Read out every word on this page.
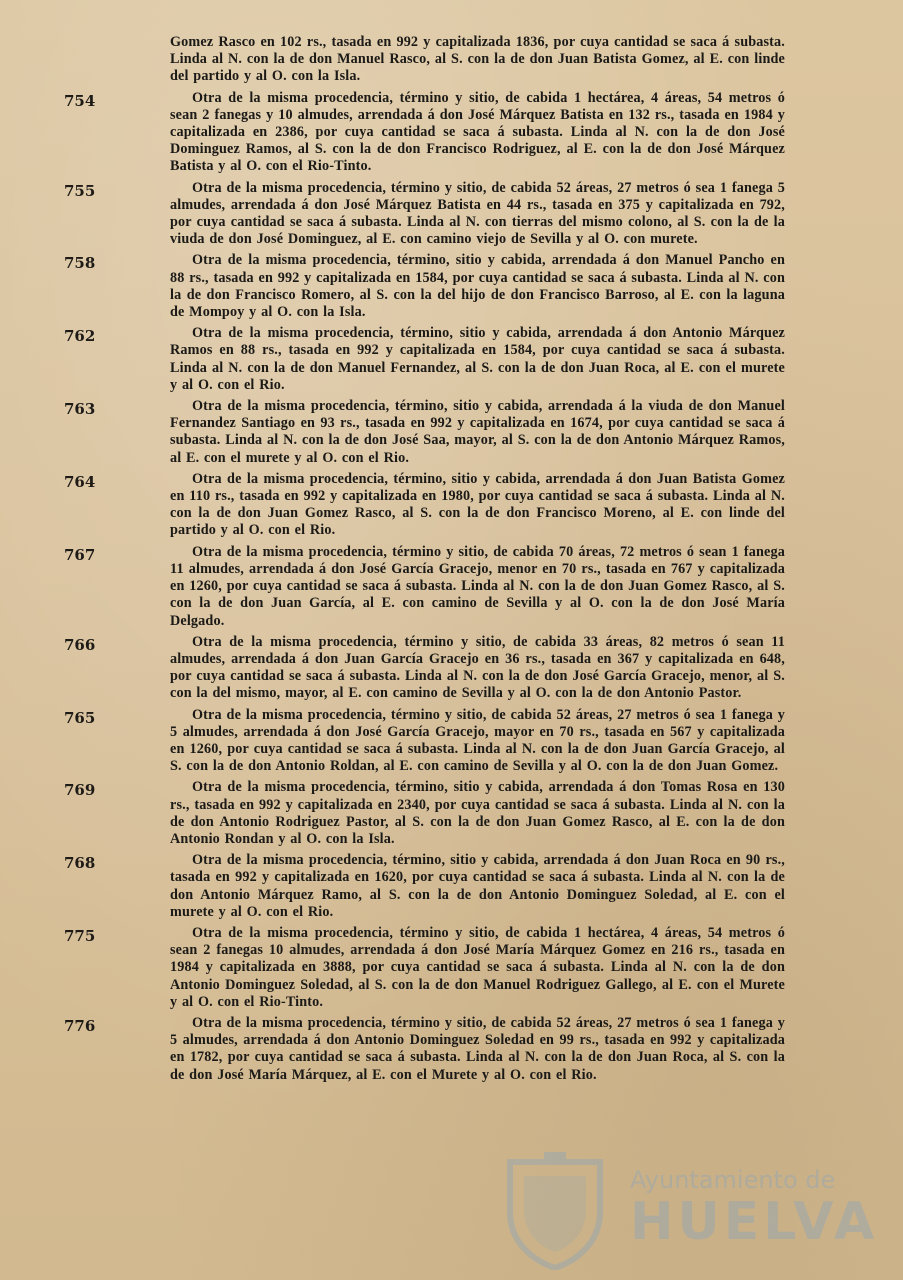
Gomez Rasco en 102 rs., tasada en 992 y capitalizada 1836, por cuya cantidad se saca á subasta. Linda al N. con la de don Manuel Rasco, al S. con la de don Juan Batista Gomez, al E. con linde del partido y al O. con la Isla.
754	Otra de la misma procedencia, término y sitio, de cabida 1 hectárea, 4 áreas, 54 metros ó sean 2 fanegas y 10 almudes, arrendada á don José Márquez Batista en 132 rs., tasada en 1984 y capitalizada en 2386, por cuya cantidad se saca á subasta. Linda al N. con la de don José Dominguez Ramos, al S. con la de don Francisco Rodriguez, al E. con la de don José Márquez Batista y al O. con el Rio-Tinto.
755	Otra de la misma procedencia, término y sitio, de cabida 52 áreas, 27 metros ó sea 1 fanega 5 almudes, arrendada á don José Márquez Batista en 44 rs., tasada en 375 y capitalizada en 792, por cuya cantidad se saca á subasta. Linda al N. con tierras del mismo colono, al S. con la de la viuda de don José Dominguez, al E. con camino viejo de Sevilla y al O. con murete.
758	Otra de la misma procedencia, término, sitio y cabida, arrendada á don Manuel Pancho en 88 rs., tasada en 992 y capitalizada en 1584, por cuya cantidad se saca á subasta. Linda al N. con la de don Francisco Romero, al S. con la del hijo de don Francisco Barroso, al E. con la laguna de Mompoy y al O. con la Isla.
762	Otra de la misma procedencia, término, sitio y cabida, arrendada á don Antonio Márquez Ramos en 88 rs., tasada en 992 y capitalizada en 1584, por cuya cantidad se saca á subasta. Linda al N. con la de don Manuel Fernandez, al S. con la de don Juan Roca, al E. con el murete y al O. con el Rio.
763	Otra de la misma procedencia, término, sitio y cabida, arrendada á la viuda de don Manuel Fernandez Santiago en 93 rs., tasada en 992 y capitalizada en 1674, por cuya cantidad se saca á subasta. Linda al N. con la de don José Saa, mayor, al S. con la de don Antonio Márquez Ramos, al E. con el murete y al O. con el Rio.
764	Otra de la misma procedencia, término, sitio y cabida, arrendada á don Juan Batista Gomez en 110 rs., tasada en 992 y capitalizada en 1980, por cuya cantidad se saca á subasta. Linda al N. con la de don Juan Gomez Rasco, al S. con la de don Francisco Moreno, al E. con linde del partido y al O. con el Rio.
767	Otra de la misma procedencia, término y sitio, de cabida 70 áreas, 72 metros ó sean 1 fanega 11 almudes, arrendada á don José García Gracejo, menor en 70 rs., tasada en 767 y capitalizada en 1260, por cuya cantidad se saca á subasta. Linda al N. con la de don Juan Gomez Rasco, al S. con la de don Juan García, al E. con camino de Sevilla y al O. con la de don José María Delgado.
766	Otra de la misma procedencia, término y sitio, de cabida 33 áreas, 82 metros ó sean 11 almudes, arrendada á don Juan García Gracejo en 36 rs., tasada en 367 y capitalizada en 648, por cuya cantidad se saca á subasta. Linda al N. con la de don José García Gracejo, menor, al S. con la del mismo, mayor, al E. con camino de Sevilla y al O. con la de don Antonio Pastor.
765	Otra de la misma procedencia, término y sitio, de cabida 52 áreas, 27 metros ó sea 1 fanega y 5 almudes, arrendada á don José García Gracejo, mayor en 70 rs., tasada en 567 y capitalizada en 1260, por cuya cantidad se saca á subasta. Linda al N. con la de don Juan García Gracejo, al S. con la de don Antonio Roldan, al E. con camino de Sevilla y al O. con la de don Juan Gomez.
769	Otra de la misma procedencia, término, sitio y cabida, arrendada á don Tomas Rosa en 130 rs., tasada en 992 y capitalizada en 2340, por cuya cantidad se saca á subasta. Linda al N. con la de don Antonio Rodriguez Pastor, al S. con la de don Juan Gomez Rasco, al E. con la de don Antonio Rondan y al O. con la Isla.
768	Otra de la misma procedencia, término, sitio y cabida, arrendada á don Juan Roca en 90 rs., tasada en 992 y capitalizada en 1620, por cuya cantidad se saca á subasta. Linda al N. con la de don Antonio Márquez Ramo, al S. con la de don Antonio Dominguez Soledad, al E. con el murete y al O. con el Rio.
775	Otra de la misma procedencia, término y sitio, de cabida 1 hectárea, 4 áreas, 54 metros ó sean 2 fanegas 10 almudes, arrendada á don José María Márquez Gomez en 216 rs., tasada en 1984 y capitalizada en 3888, por cuya cantidad se saca á subasta. Linda al N. con la de don Antonio Dominguez Soledad, al S. con la de don Manuel Rodriguez Gallego, al E. con el Murete y al O. con el Rio-Tinto.
776	Otra de la misma procedencia, término y sitio, de cabida 52 áreas, 27 metros ó sea 1 fanega y 5 almudes, arrendada á don Antonio Dominguez Soledad en 99 rs., tasada en 992 y capitalizada en 1782, por cuya cantidad se saca á subasta. Linda al N. con la de don Juan Roca, al S. con la de don José María Márquez, al E. con el Murete y al O. con el Rio.
Ayuntamiento de
HUELVA
